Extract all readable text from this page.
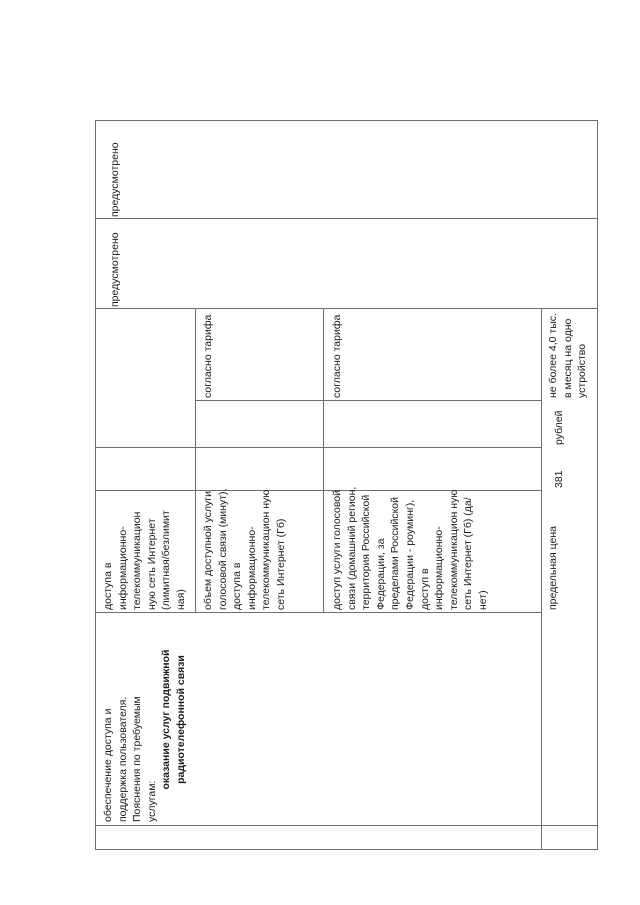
предусмотрено
предусмотрено
доступа в информационно-телекоммуникацион ную сеть Интернет (лимитная/безлимит ная) объем доступной услуги голосовой связи (минут), доступа в информационно-телекоммуникацион ную сеть Интернет (Гб)
согласно тарифа
доступ услуги голосовой связи (домашний регион, территория Российской Федерации, за пределами Российской Федерации - роуминг), доступ в информационно-телекоммуникацион ную сеть Интернет (Гб) (да/нет)
согласно тарифа
предельная цена
381
рублей
не более 4,0 тыс. в месяц на одно устройство
обеспечение доступа и поддержка пользователя. Пояснения по требуемым услугам:
оказание услуг подвижной радиотелефонной связи
